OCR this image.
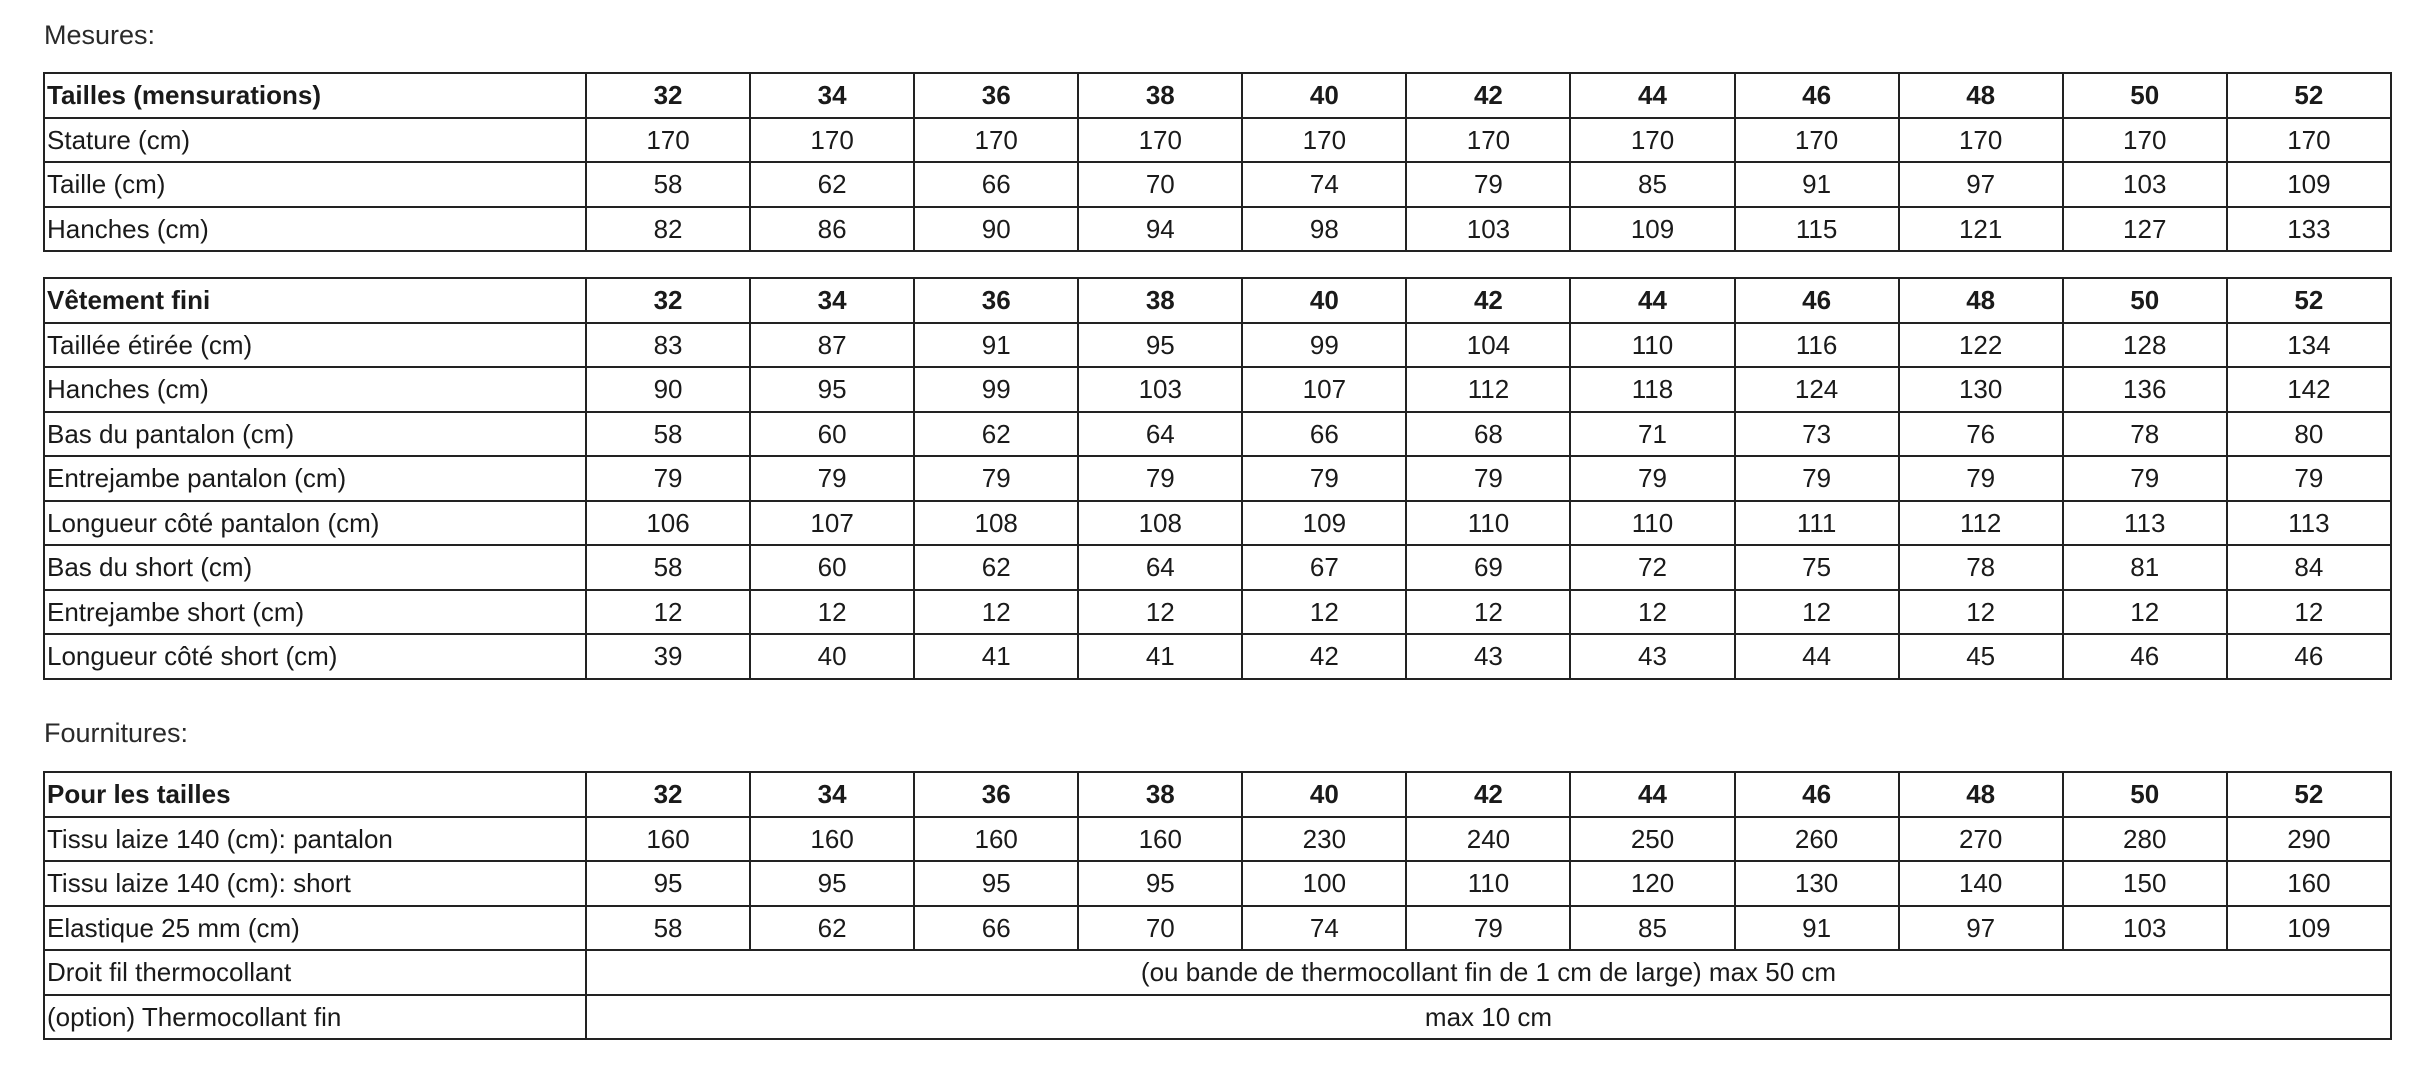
Mesures:
Tailles (mensurations)	32	34	36	38	40	42	44	46	48	50	52
Stature (cm)	170	170	170	170	170	170	170	170	170	170	170
Taille (cm)	58	62	66	70	74	79	85	91	97	103	109
Hanches (cm)	82	86	90	94	98	103	109	115	121	127	133
Vêtement fini	32	34	36	38	40	42	44	46	48	50	52
Taillée étirée (cm)	83	87	91	95	99	104	110	116	122	128	134
Hanches (cm)	90	95	99	103	107	112	118	124	130	136	142
Bas du pantalon (cm)	58	60	62	64	66	68	71	73	76	78	80
Entrejambe pantalon (cm)	79	79	79	79	79	79	79	79	79	79	79
Longueur côté pantalon (cm)	106	107	108	108	109	110	110	111	112	113	113
Bas du short (cm)	58	60	62	64	67	69	72	75	78	81	84
Entrejambe short (cm)	12	12	12	12	12	12	12	12	12	12	12
Longueur côté short (cm)	39	40	41	41	42	43	43	44	45	46	46
Fournitures:
Pour les tailles	32	34	36	38	40	42	44	46	48	50	52
Tissu laize 140 (cm): pantalon	160	160	160	160	230	240	250	260	270	280	290
Tissu laize 140 (cm): short	95	95	95	95	100	110	120	130	140	150	160
Elastique 25 mm (cm)	58	62	66	70	74	79	85	91	97	103	109
Droit fil thermocollant	(ou bande de thermocollant fin de 1 cm de large) max 50 cm										
(option) Thermocollant fin	max 10 cm										
